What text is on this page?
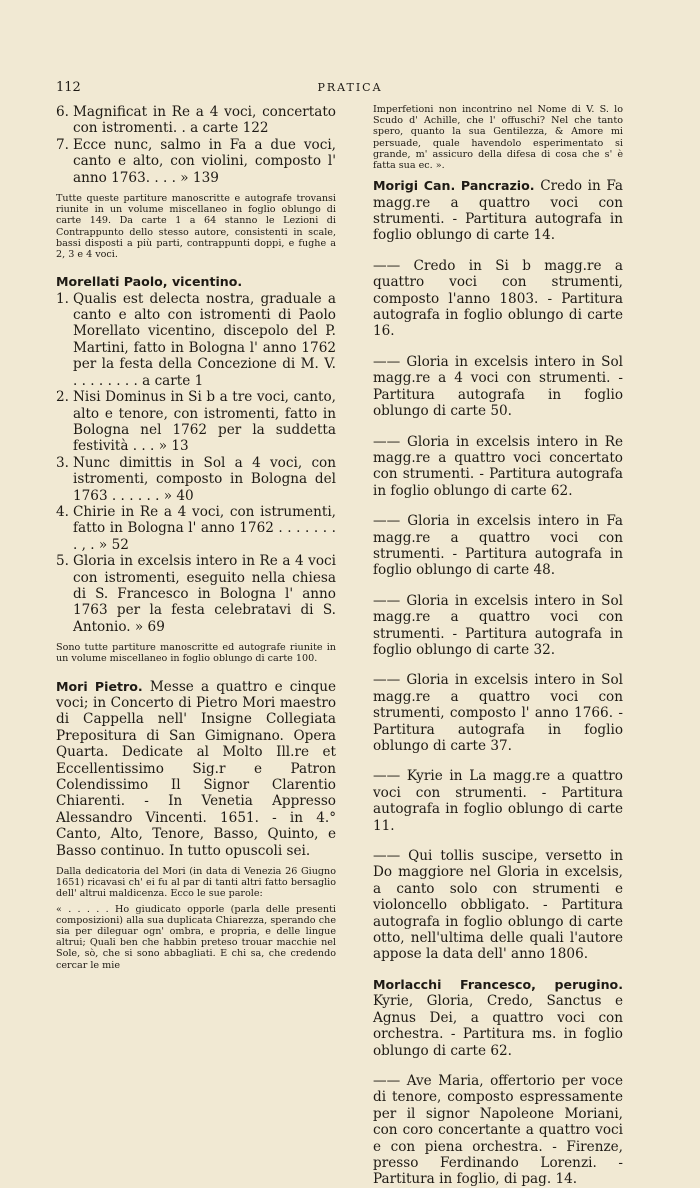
112	PRATICA
6. Magnificat in Re a 4 voci, concertato con istromenti. . a carte 122
7. Ecce nunc, salmo in Fa a due voci, canto e alto, con violini, composto l' anno 1763. . . . » 139
Tutte queste partiture manoscritte e autografe trovansi riunite in un volume miscellaneo in foglio oblungo di carte 149. Da carte 1 a 64 stanno le Lezioni di Contrappunto dello stesso autore, consistenti in scale, bassi disposti a più parti, contrappunti doppi, e fughe a 2, 3 e 4 voci.
Morellati Paolo, vicentino.
1. Qualis est delecta nostra, graduale a canto e alto con istromenti di Paolo Morellato vicentino, discepolo del P. Martini, fatto in Bologna l' anno 1762 per la festa della Concezione di M. V. . . . . . . . . a carte 1
2. Nisi Dominus in Si b a tre voci, canto, alto e tenore, con istromenti, fatto in Bologna nel 1762 per la suddetta festività . . . » 13
3. Nunc dimittis in Sol a 4 voci, con istromenti, composto in Bologna del 1763 . . . . . . » 40
4. Chirie in Re a 4 voci, con istrumenti, fatto in Bologna l' anno 1762 . . . . . . . . , . » 52
5. Gloria in excelsis intero in Re a 4 voci con istromenti, eseguito nella chiesa di S. Francesco in Bologna l' anno 1763 per la festa celebratavi di S. Antonio. » 69
Sono tutte partiture manoscritte ed autografe riunite in un volume miscellaneo in foglio oblungo di carte 100.
Mori Pietro. Messe a quattro e cinque voci; in Concerto di Pietro Mori maestro di Cappella nell' Insigne Collegiata Prepositura di San Gimignano. Opera Quarta. Dedicate al Molto Ill.re et Eccellentissimo Sig.r e Patron Colendissimo Il Signor Clarentio Chiarenti. - In Venetia Appresso Alessandro Vincenti. 1651. - in 4.° Canto, Alto, Tenore, Basso, Quinto, e Basso continuo. In tutto opuscoli sei.
Dalla dedicatoria del Mori (in data di Venezia 26 Giugno 1651) ricavasi ch' ei fu al par di tanti altri fatto bersaglio dell' altrui maldicenza. Ecco le sue parole:
« . . . . . Ho giudicato opporle (parla delle presenti composizioni) alla sua duplicata Chiarezza, sperando che sia per dileguar ogn' ombra, e propria, e delle lingue altrui; Quali ben che habbin preteso trouar macchie nel Sole, sò, che si sono abbagliati. E chi sa, che credendo cercar le mie
Imperfetioni non incontrino nel Nome di V. S. lo Scudo d' Achille, che l' offuschi? Nel che tanto spero, quanto la sua Gentilezza, & Amore mi persuade, quale havendolo esperimentato si grande, m' assicuro della difesa di cosa che s' è fatta sua ec. ».
Morigi Can. Pancrazio. Credo in Fa magg.re a quattro voci con strumenti. - Partitura autografa in foglio oblungo di carte 14.
—— Credo in Si b magg.re a quattro voci con strumenti, composto l'anno 1803. - Partitura autografa in foglio oblungo di carte 16.
—— Gloria in excelsis intero in Sol magg.re a 4 voci con strumenti. - Partitura autografa in foglio oblungo di carte 50.
—— Gloria in excelsis intero in Re magg.re a quattro voci concertato con strumenti. - Partitura autografa in foglio oblungo di carte 62.
—— Gloria in excelsis intero in Fa magg.re a quattro voci con strumenti. - Partitura autografa in foglio oblungo di carte 48.
—— Gloria in excelsis intero in Sol magg.re a quattro voci con strumenti. - Partitura autografa in foglio oblungo di carte 32.
—— Gloria in excelsis intero in Sol magg.re a quattro voci con strumenti, composto l' anno 1766. - Partitura autografa in foglio oblungo di carte 37.
—— Kyrie in La magg.re a quattro voci con strumenti. - Partitura autografa in foglio oblungo di carte 11.
—— Qui tollis suscipe, versetto in Do maggiore nel Gloria in excelsis, a canto solo con strumenti e violoncello obbligato. - Partitura autografa in foglio oblungo di carte otto, nell'ultima delle quali l'autore appose la data dell' anno 1806.
Morlacchi Francesco, perugino. Kyrie, Gloria, Credo, Sanctus e Agnus Dei, a quattro voci con orchestra. - Partitura ms. in foglio oblungo di carte 62.
—— Ave Maria, offertorio per voce di tenore, composto espressamente per il signor Napoleone Moriani, con coro concertante a quattro voci e con piena orchestra. - Firenze, presso Ferdinando Lorenzi. - Partitura in foglio, di pag. 14.
